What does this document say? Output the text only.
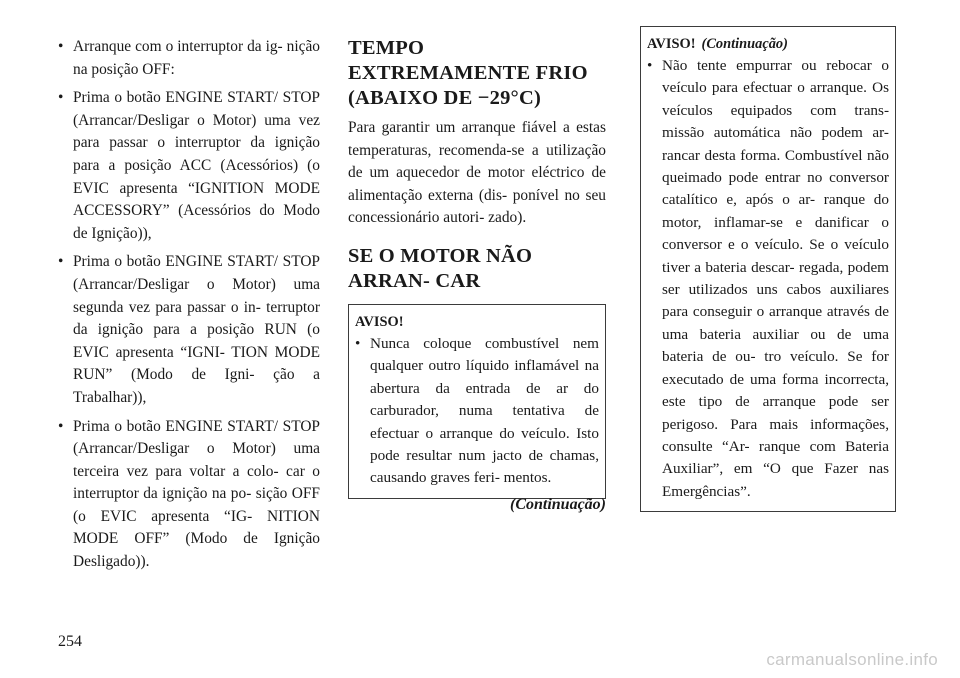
• Arranque com o interruptor da ig- nição na posição OFF:
• Prima o botão ENGINE START/ STOP (Arrancar/Desligar o Motor) uma vez para passar o interruptor da ignição para a posição ACC (Acessórios) (o EVIC apresenta “IGNITION MODE ACCESSORY” (Acessórios do Modo de Ignição)),
• Prima o botão ENGINE START/ STOP (Arrancar/Desligar o Motor) uma segunda vez para passar o in- terruptor da ignição para a posição RUN (o EVIC apresenta “IGNI- TION MODE RUN” (Modo de Igni- ção a Trabalhar)),
• Prima o botão ENGINE START/ STOP (Arrancar/Desligar o Motor) uma terceira vez para voltar a colo- car o interruptor da ignição na po- sição OFF (o EVIC apresenta “IG- NITION MODE OFF” (Modo de Ignição Desligado)).
TEMPO EXTREMAMENTE FRIO (ABAIXO DE −29°C)
Para garantir um arranque fiável a estas temperaturas, recomenda-se a utilização de um aquecedor de motor eléctrico de alimentação externa (dis- ponível no seu concessionário autori- zado).
SE O MOTOR NÃO ARRAN- CAR
AVISO!
• Nunca coloque combustível nem qualquer outro líquido inflamável na abertura da entrada de ar do carburador, numa tentativa de efectuar o arranque do veículo. Isto pode resultar num jacto de chamas, causando graves feri- mentos.
(Continuação)
AVISO! (Continuação)
• Não tente empurrar ou rebocar o veículo para efectuar o arranque. Os veículos equipados com trans- missão automática não podem ar- rancar desta forma. Combustível não queimado pode entrar no conversor catalítico e, após o ar- ranque do motor, inflamar-se e danificar o conversor e o veículo. Se o veículo tiver a bateria descar- regada, podem ser utilizados uns cabos auxiliares para conseguir o arranque através de uma bateria auxiliar ou de uma bateria de ou- tro veículo. Se for executado de uma forma incorrecta, este tipo de arranque pode ser perigoso. Para mais informações, consulte “Ar- ranque com Bateria Auxiliar”, em “O que Fazer nas Emergências”.
254
carmanualsonline.info
